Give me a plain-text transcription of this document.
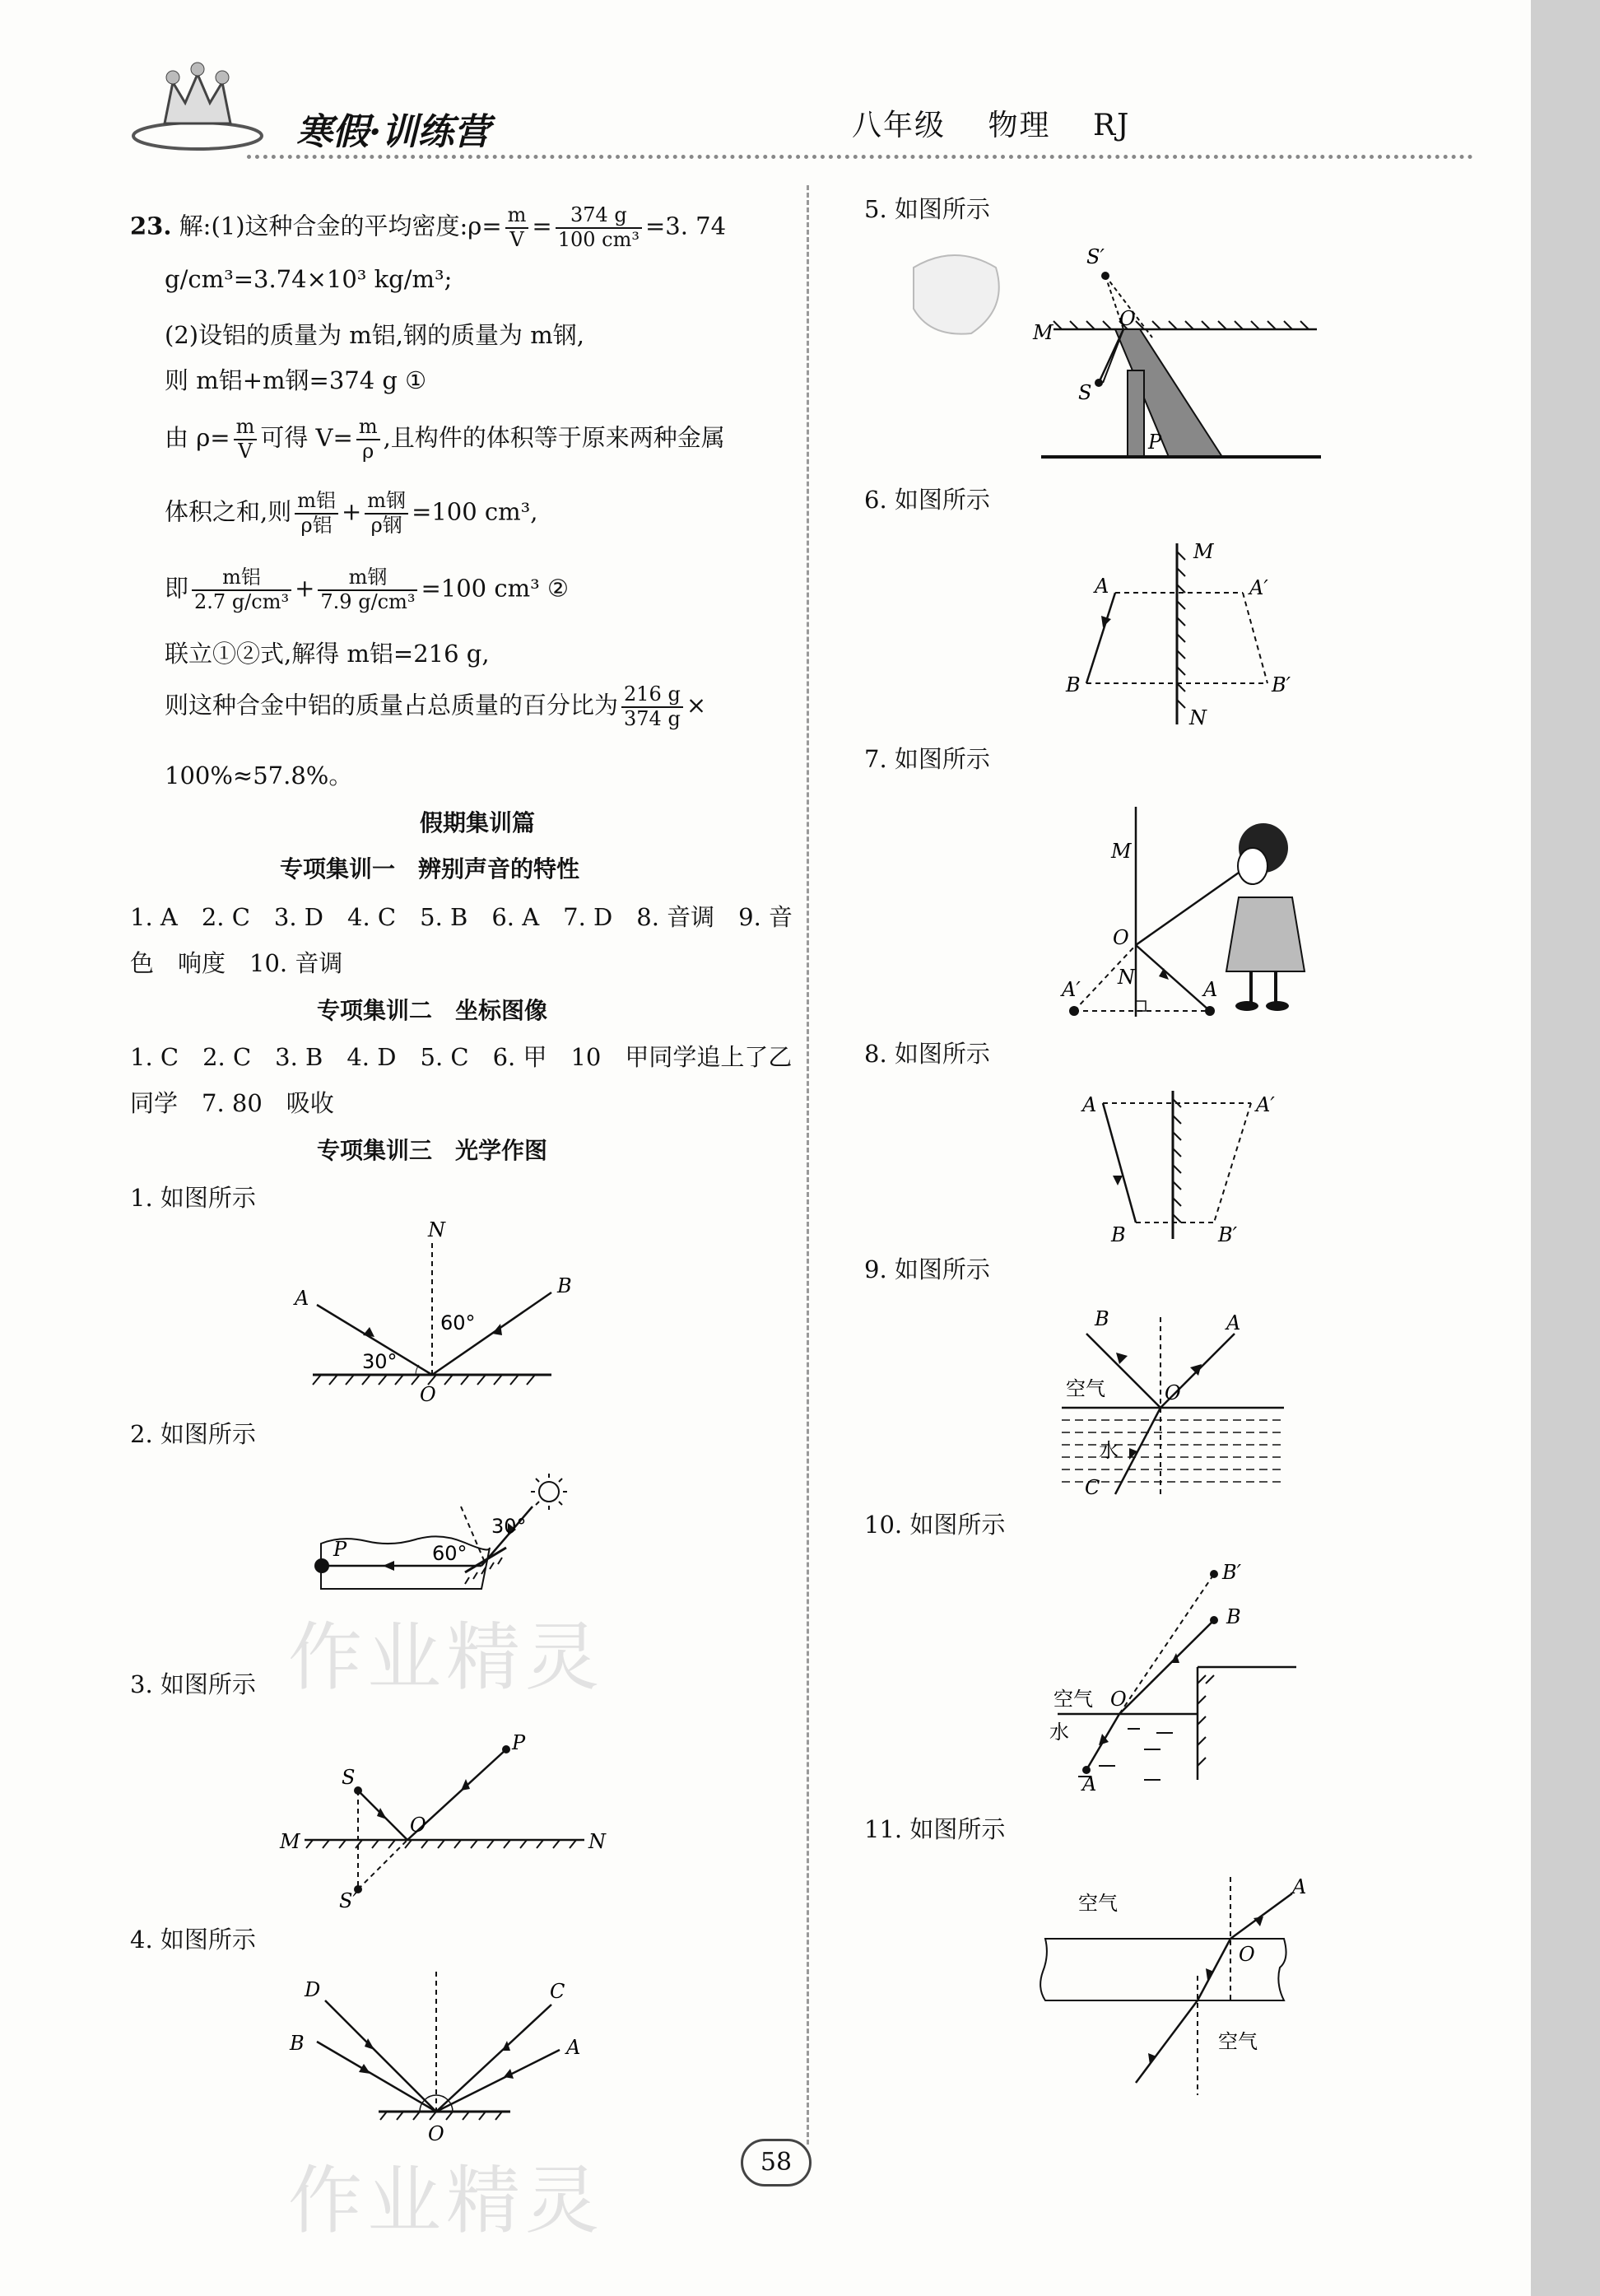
寒假·训练营	八年级 物理 RJ
23. 解:(1)这种合金的平均密度:ρ= $\frac{m}{V} = \frac{374 g}{\text{100 cm³}} =3$. 74
g/cm³=3.74×10³ kg/m³;
(2)设铝的质量为 m铝,钢的质量为 m钢,
则 m铝+m钢=374 g ①
由 $\rho= \frac{m}{V}$ 可得 $V= \frac{m}{\rho}$ ,且构件的体积等于原来两种金属
体积之和,则 $\frac{\text{m铝}}{\text{ρ铝}} + \frac{\text{m钢}}{\text{ρ钢}} =100$ cm³,
即 $\frac{\text{m铝}}{\text{2.7 g/cm³}} + \frac{\text{m钢}}{\text{7.9 g/cm³}} =100$ cm³ ②
联立①②式,解得 m铝=216 g,
则这种合金中铝的质量占总质量的百分比为 $\frac{216 g}{374 g}$ ×
100%≈57.8%。
假期集训篇
专项集训一　辨别声音的特性
1. A　2. C　3. D　4. C　5. B　6. A　7. D　8. 音调　9. 音
色　响度　10. 音调
专项集训二　坐标图像
1. C　2. C　3. B　4. D　5. C　6. 甲　10　甲同学追上了乙
同学　7. 80　吸收
专项集训三　光学作图
1. 如图所示
2. 如图所示
3. 如图所示
4. 如图所示
N
A
B
O
30°
60°
P	60°
30°
S
P
O
M	N
S′
D	C
B	A
O
5. 如图所示
6. 如图所示
7. 如图所示
8. 如图所示
9. 如图所示
10. 如图所示
11. 如图所示
S′
O
M
S
P
M
A	A′
B	B′
N
M
O
N
A′	A
A	A′
B	B′
B	A
空气	O
水
C
B′
B
空气 O
水
A
空气
A
O
空气
作业精灵
作业精灵	58
